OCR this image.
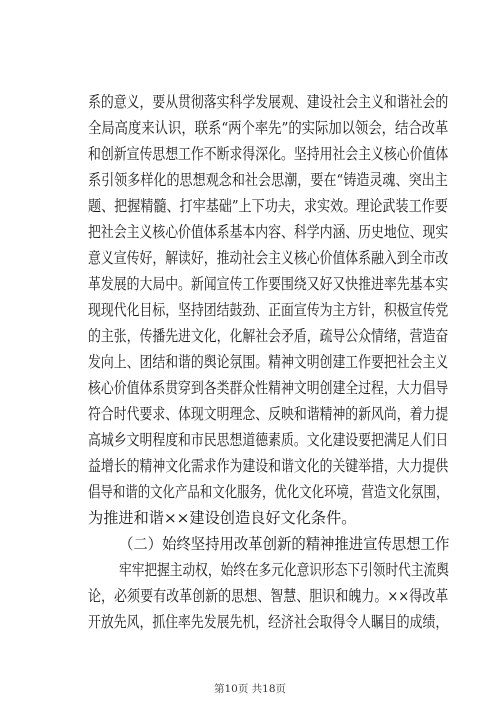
系的意义，要从贯彻落实科学发展观、建设社会主义和谐社会的
全局高度来认识，联系“两个率先”的实际加以领会，结合改革
和创新宣传思想工作不断求得深化。坚持用社会主义核心价值体
系引领多样化的思想观念和社会思潮，要在“铸造灵魂、突出主
题、把握精髓、打牢基础”上下功夫，求实效。理论武装工作要
把社会主义核心价值体系基本内容、科学内涵、历史地位、现实
意义宣传好，解读好，推动社会主义核心价值体系融入到全市改
革发展的大局中。新闻宣传工作要围绕又好又快推进率先基本实
现现代化目标，坚持团结鼓劲、正面宣传为主方针，积极宣传党
的主张，传播先进文化，化解社会矛盾，疏导公众情绪，营造奋
发向上、团结和谐的舆论氛围。精神文明创建工作要把社会主义
核心价值体系贯穿到各类群众性精神文明创建全过程，大力倡导
符合时代要求、体现文明理念、反映和谐精神的新风尚，着力提
高城乡文明程度和市民思想道德素质。文化建设要把满足人们日
益增长的精神文化需求作为建设和谐文化的关键举措，大力提供
倡导和谐的文化产品和文化服务，优化文化环境，营造文化氛围，
为推进和谐××建设创造良好文化条件。
（二）始终坚持用改革创新的精神推进宣传思想工作
牢牢把握主动权，始终在多元化意识形态下引领时代主流舆
论，必须要有改革创新的思想、智慧、胆识和魄力。××得改革
开放先风，抓住率先发展先机，经济社会取得令人瞩目的成绩，
第10页 共18页
